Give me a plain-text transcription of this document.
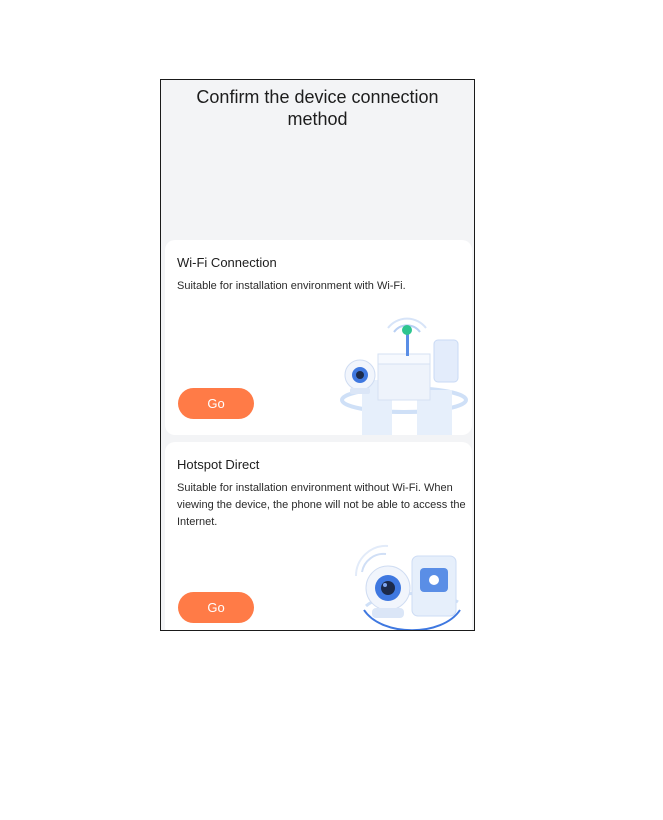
Confirm the device connection method
Wi-Fi Connection
Suitable for installation environment with Wi-Fi.
Go
Hotspot Direct
Suitable for installation environment without Wi-Fi. When viewing the device, the phone will not be able to access the Internet.
Go
